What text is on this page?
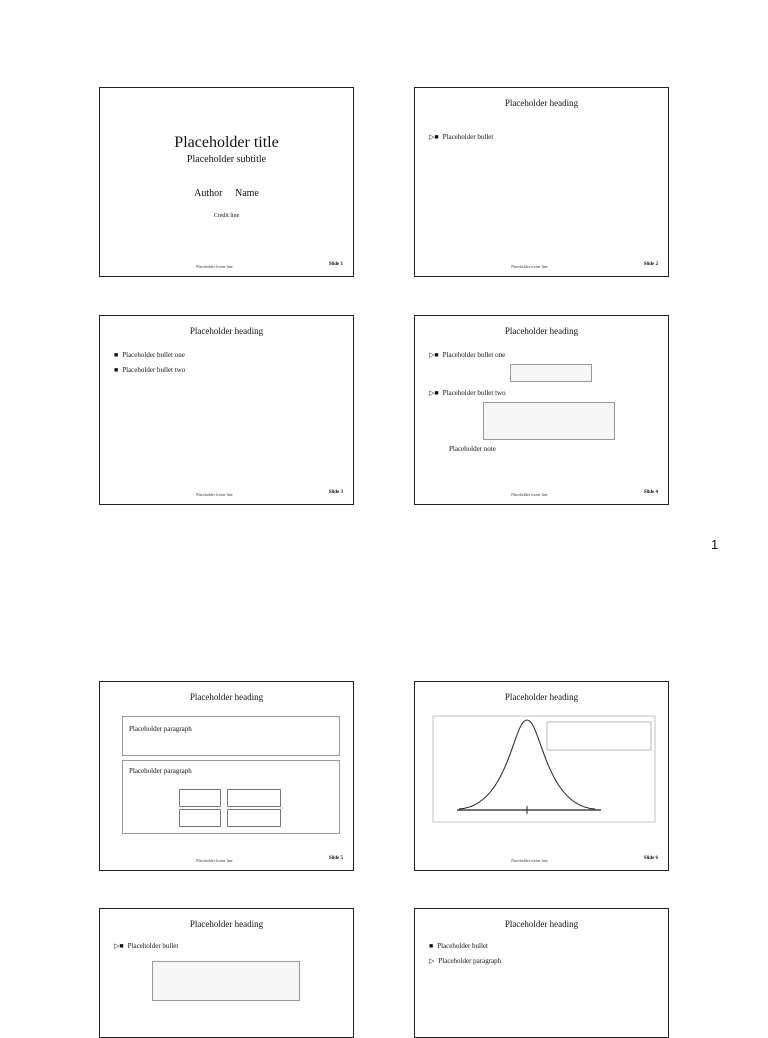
Placeholder title
Placeholder subtitle
Author Name
Credit line
Placeholder footer line	Slide 1
Placeholder heading
▷■ Placeholder bullet
Placeholder footer line	Slide 2
Placeholder heading
■ Placeholder bullet one
■ Placeholder bullet two
Placeholder footer line	Slide 3
Placeholder heading
▷■ Placeholder bullet one
▷■ Placeholder bullet two
Placeholder note
Placeholder footer line	Slide 4
Placeholder heading
Placeholder paragraph
Placeholder paragraph
Placeholder footer line	Slide 5
Placeholder heading
Placeholder footer line	Slide 6
Placeholder heading
▷■ Placeholder bullet
Placeholder heading
■ Placeholder bullet
▷ Placeholder paragraph
1
